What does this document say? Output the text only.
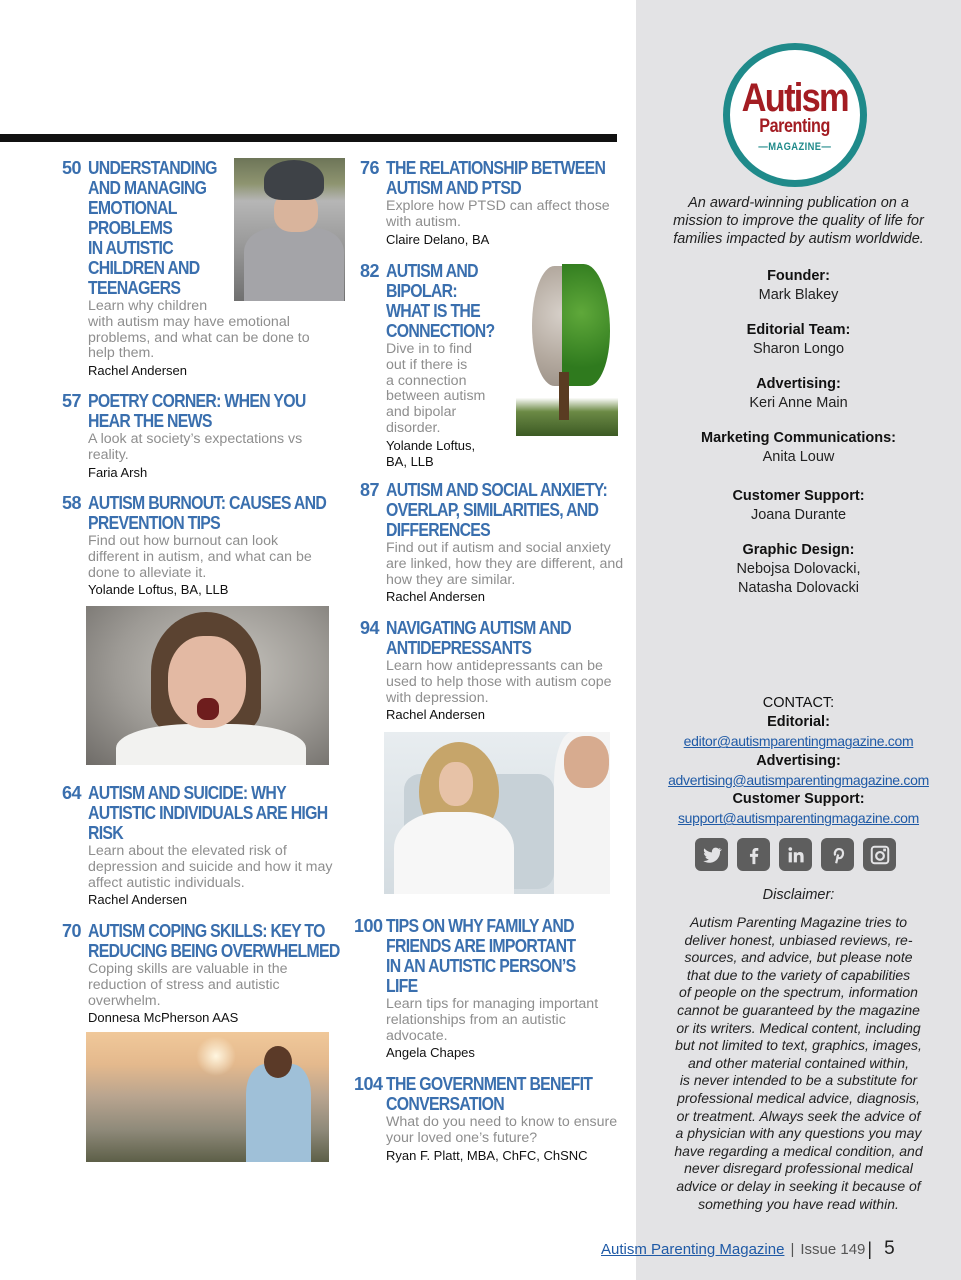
50 UNDERSTANDING
AND MANAGING
EMOTIONAL
PROBLEMS
IN AUTISTIC
CHILDREN AND
TEENAGERS
Learn why children
with autism may have emotional
problems, and what can be done to
help them.
Rachel Andersen
57 POETRY CORNER: WHEN YOU
HEAR THE NEWS
A look at society’s expectations vs
reality.
Faria Arsh
58 AUTISM BURNOUT: CAUSES AND
PREVENTION TIPS
Find out how burnout can look
different in autism, and what can be
done to alleviate it.
Yolande Loftus, BA, LLB
64 AUTISM AND SUICIDE: WHY
AUTISTIC INDIVIDUALS ARE HIGH
RISK
Learn about the elevated risk of
depression and suicide and how it may
affect autistic individuals.
Rachel Andersen
70 AUTISM COPING SKILLS: KEY TO
REDUCING BEING OVERWHELMED
Coping skills are valuable in the
reduction of stress and autistic
overwhelm.
Donnesa McPherson AAS
76 THE RELATIONSHIP BETWEEN
AUTISM AND PTSD
Explore how PTSD can affect those
with autism.
Claire Delano, BA
82 AUTISM AND
BIPOLAR:
WHAT IS THE
CONNECTION?
Dive in to find
out if there is
a connection
between autism
and bipolar
disorder.
Yolande Loftus,
BA, LLB
87 AUTISM AND SOCIAL ANXIETY:
OVERLAP, SIMILARITIES, AND
DIFFERENCES
Find out if autism and social anxiety
are linked, how they are different, and
how they are similar.
Rachel Andersen
94 NAVIGATING AUTISM AND
ANTIDEPRESSANTS
Learn how antidepressants can be
used to help those with autism cope
with depression.
Rachel Andersen
100 TIPS ON WHY FAMILY AND
FRIENDS ARE IMPORTANT
IN AN AUTISTIC PERSON’S
LIFE
Learn tips for managing important
relationships from an autistic
advocate.
Angela Chapes
104 THE GOVERNMENT BENEFIT
CONVERSATION
What do you need to know to ensure
your loved one’s future?
Ryan F. Platt, MBA, ChFC, ChSNC
Autism
Parenting
—MAGAZINE—
An award-winning publication on a
mission to improve the quality of life for
families impacted by autism worldwide.
Founder:
Mark Blakey
Editorial Team:
Sharon Longo
Advertising:
Keri Anne Main
Marketing Communications:
Anita Louw
Customer Support:
Joana Durante
Graphic Design:
Nebojsa Dolovacki,
Natasha Dolovacki
CONTACT:
Editorial:
editor@autismparentingmagazine.com
Advertising:
advertising@autismparentingmagazine.com
Customer Support:
support@autismparentingmagazine.com
Disclaimer:
Autism Parenting Magazine tries to
deliver honest, unbiased reviews, re-
sources, and advice, but please note
that due to the variety of capabilities
of people on the spectrum, information
cannot be guaranteed by the magazine
or its writers. Medical content, including
but not limited to text, graphics, images,
and other material contained within,
is never intended to be a substitute for
professional medical advice, diagnosis,
or treatment. Always seek the advice of
a physician with any questions you may
have regarding a medical condition, and
never disregard professional medical
advice or delay in seeking it because of
something you have read within.
Autism Parenting Magazine | Issue 149 | 5
